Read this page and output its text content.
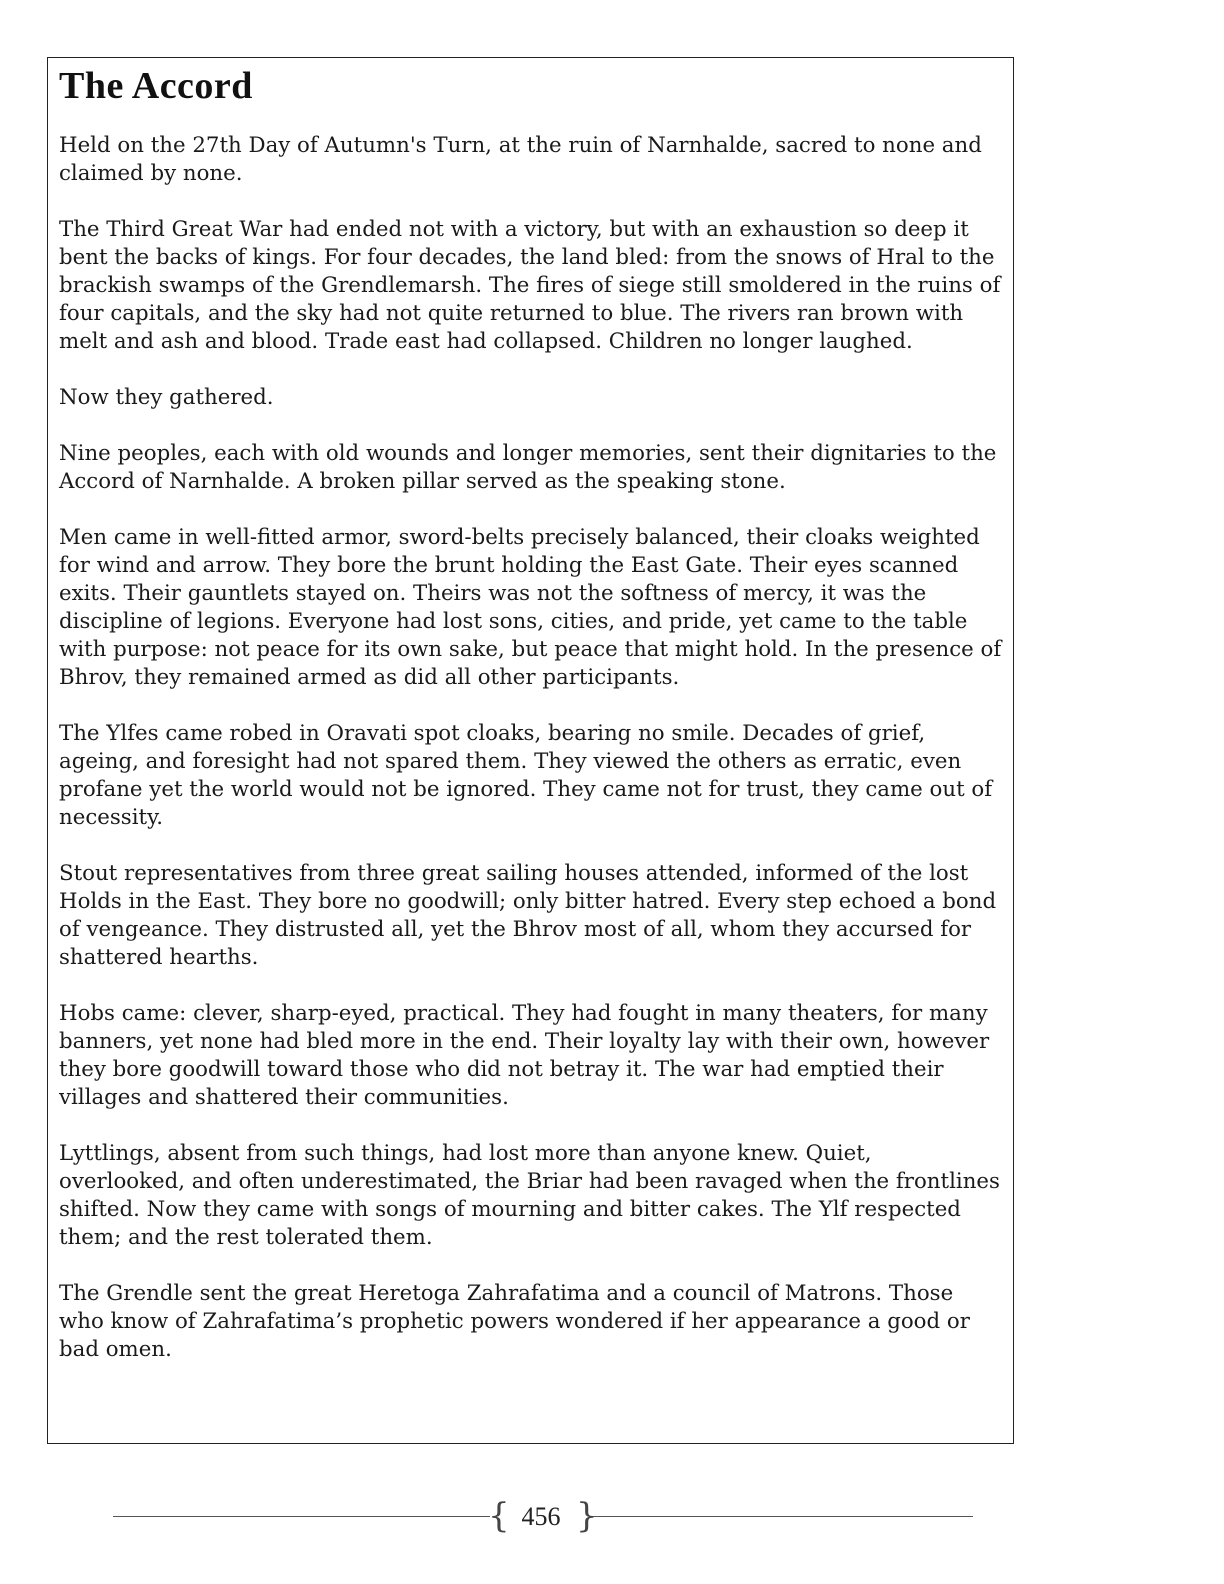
The Accord

Held on the 27th Day of Autumn's Turn, at the ruin of Narnhalde, sacred to none and claimed by none.

The Third Great War had ended not with a victory, but with an exhaustion so deep it bent the backs of kings. For four decades, the land bled: from the snows of Hral to the brackish swamps of the Grendlemarsh. The fires of siege still smoldered in the ruins of four capitals, and the sky had not quite returned to blue. The rivers ran brown with melt and ash and blood. Trade east had collapsed. Children no longer laughed.

Now they gathered.

Nine peoples, each with old wounds and longer memories, sent their dignitaries to the Accord of Narnhalde. A broken pillar served as the speaking stone.

Men came in well-fitted armor, sword-belts precisely balanced, their cloaks weighted for wind and arrow. They bore the brunt holding the East Gate. Their eyes scanned exits. Their gauntlets stayed on. Theirs was not the softness of mercy, it was the discipline of legions. Everyone had lost sons, cities, and pride, yet came to the table with purpose: not peace for its own sake, but peace that might hold. In the presence of Bhrov, they remained armed as did all other participants.

The Ylfes came robed in Oravati spot cloaks, bearing no smile. Decades of grief, ageing, and foresight had not spared them. They viewed the others as erratic, even profane yet the world would not be ignored. They came not for trust, they came out of necessity.

Stout representatives from three great sailing houses attended, informed of the lost Holds in the East. They bore no goodwill; only bitter hatred. Every step echoed a bond of vengeance. They distrusted all, yet the Bhrov most of all, whom they accursed for shattered hearths.

Hobs came: clever, sharp-eyed, practical. They had fought in many theaters, for many banners, yet none had bled more in the end. Their loyalty lay with their own, however they bore goodwill toward those who did not betray it. The war had emptied their villages and shattered their communities.

Lyttlings, absent from such things, had lost more than anyone knew. Quiet, overlooked, and often underestimated, the Briar had been ravaged when the frontlines shifted. Now they came with songs of mourning and bitter cakes. The Ylf respected them; and the rest tolerated them.

The Grendle sent the great Heretoga Zahrafatima and a council of Matrons. Those who know of Zahrafatima’s prophetic powers wondered if her appearance a good or bad omen.

{ 456 }
